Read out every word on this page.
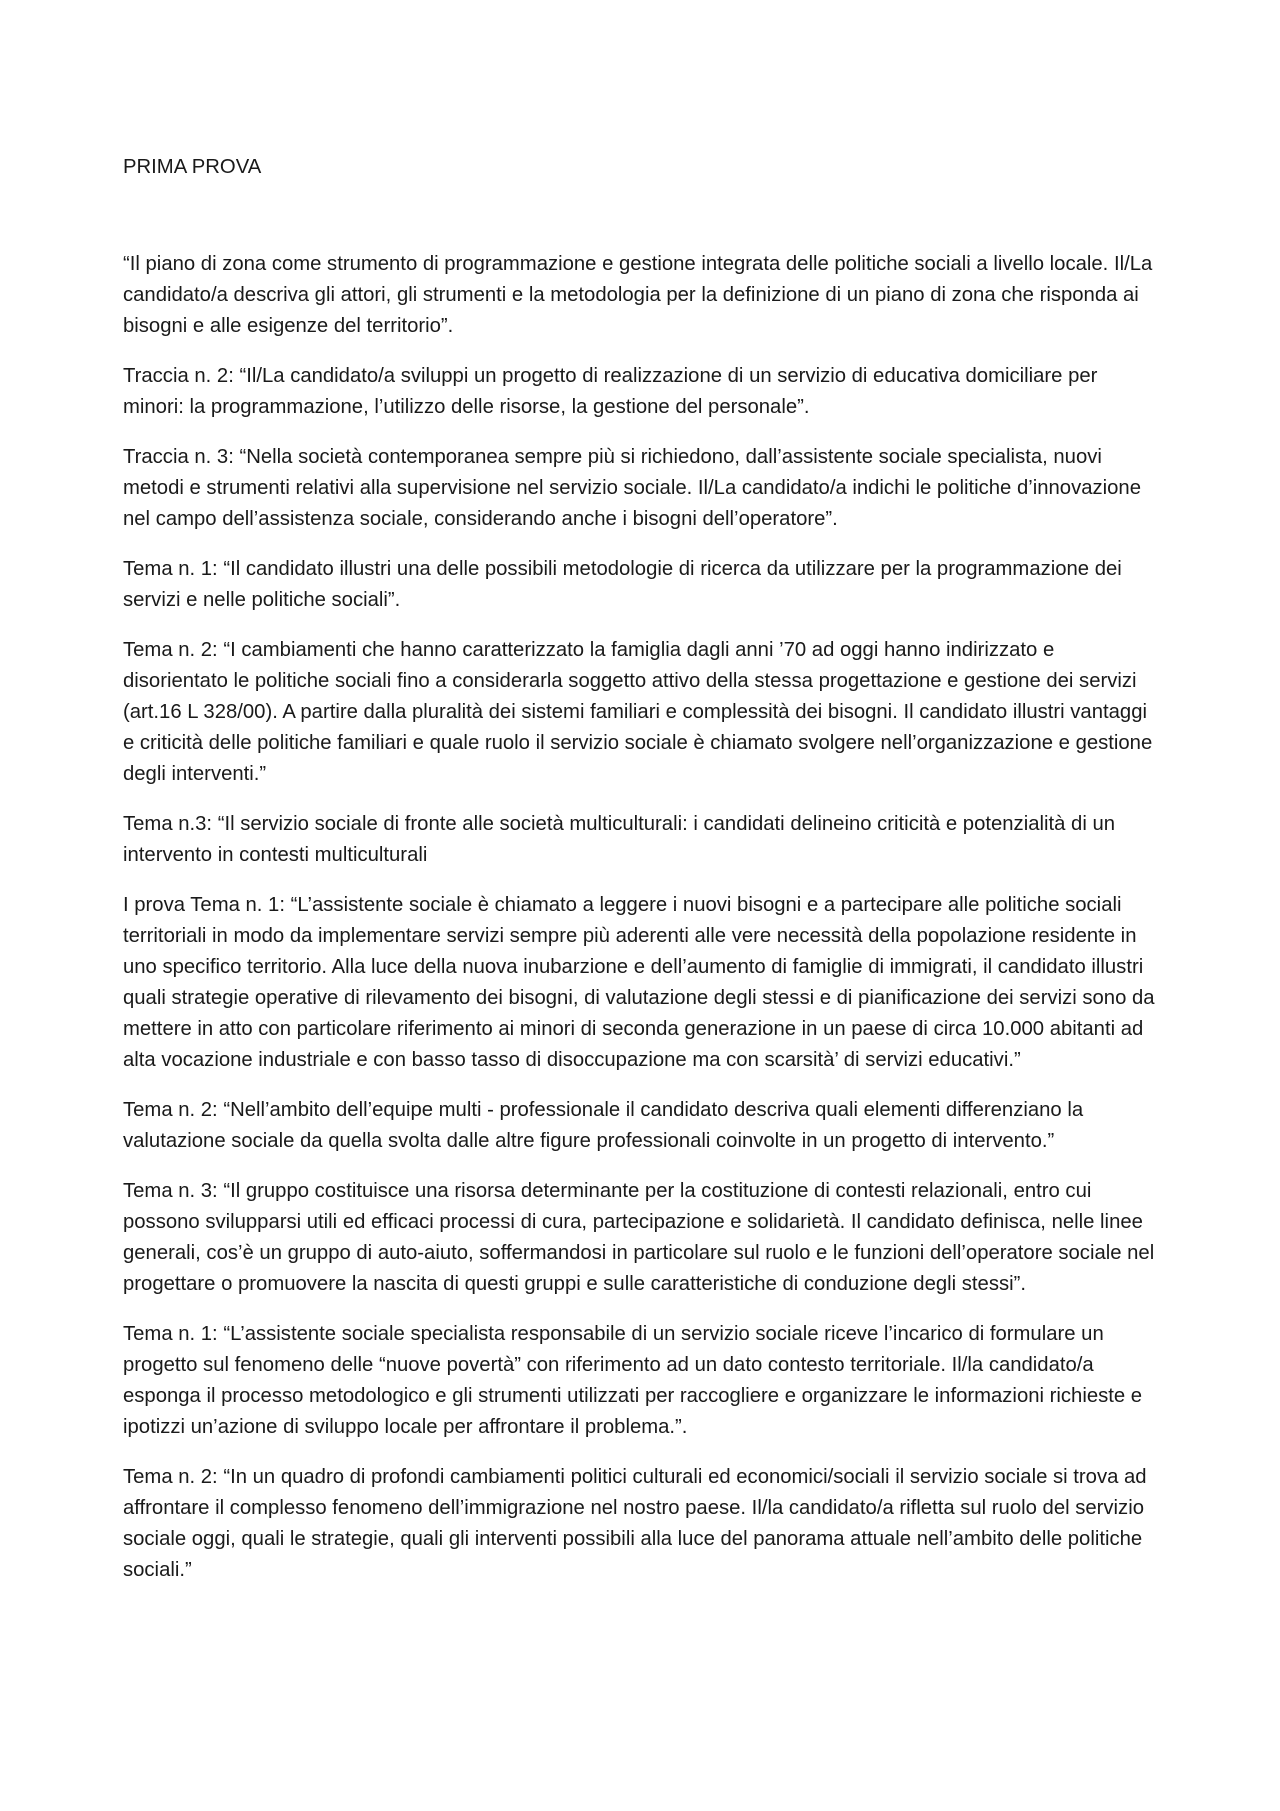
PRIMA PROVA

“Il piano di zona come strumento di programmazione e gestione integrata delle politiche sociali a livello locale. Il/La candidato/a descriva gli attori, gli strumenti e la metodologia per la definizione di un piano di zona che risponda ai bisogni e alle esigenze del territorio”.

Traccia n. 2: “Il/La candidato/a sviluppi un progetto di realizzazione di un servizio di educativa domiciliare per minori: la programmazione, l’utilizzo delle risorse, la gestione del personale”.

Traccia n. 3: “Nella società contemporanea sempre più si richiedono, dall’assistente sociale specialista, nuovi metodi e strumenti relativi alla supervisione nel servizio sociale. Il/La candidato/a indichi le politiche d’innovazione nel campo dell’assistenza sociale, considerando anche i bisogni dell’operatore”.

Tema n. 1: “Il candidato illustri una delle possibili metodologie di ricerca da utilizzare per la programmazione dei servizi e nelle politiche sociali”.

Tema n. 2: “I cambiamenti che hanno caratterizzato la famiglia dagli anni ’70 ad oggi hanno indirizzato e disorientato le politiche sociali fino a considerarla soggetto attivo della stessa progettazione e gestione dei servizi (art.16 L 328/00). A partire dalla pluralità dei sistemi familiari e complessità dei bisogni. Il candidato illustri vantaggi e criticità delle politiche familiari e quale ruolo il servizio sociale è chiamato svolgere nell’organizzazione e gestione degli interventi.”

Tema n.3: “Il servizio sociale di fronte alle società multiculturali: i candidati delineino criticità e potenzialità di un intervento in contesti multiculturali

I prova Tema n. 1: “L’assistente sociale è chiamato a leggere i nuovi bisogni e a partecipare alle politiche sociali territoriali in modo da implementare servizi sempre più aderenti alle vere necessità della popolazione residente in uno specifico territorio. Alla luce della nuova inubarzione e dell’aumento di famiglie di immigrati, il candidato illustri quali strategie operative di rilevamento dei bisogni, di valutazione degli stessi e di pianificazione dei servizi sono da mettere in atto con particolare riferimento ai minori di seconda generazione in un paese di circa 10.000 abitanti ad alta vocazione industriale e con basso tasso di disoccupazione ma con scarsità’ di servizi educativi.”

Tema n. 2: “Nell’ambito dell’equipe multi - professionale il candidato descriva quali elementi differenziano la valutazione sociale da quella svolta dalle altre figure professionali coinvolte in un progetto di intervento.”

Tema n. 3: “Il gruppo costituisce una risorsa determinante per la costituzione di contesti relazionali, entro cui possono svilupparsi utili ed efficaci processi di cura, partecipazione e solidarietà. Il candidato definisca, nelle linee generali, cos’è un gruppo di auto-aiuto, soffermandosi in particolare sul ruolo e le funzioni dell’operatore sociale nel progettare o promuovere la nascita di questi gruppi e sulle caratteristiche di conduzione degli stessi”.

Tema n. 1: “L’assistente sociale specialista responsabile di un servizio sociale riceve l’incarico di formulare un progetto sul fenomeno delle “nuove povertà” con riferimento ad un dato contesto territoriale. Il/la candidato/a esponga il processo metodologico e gli strumenti utilizzati per raccogliere e organizzare le informazioni richieste e ipotizzi un’azione di sviluppo locale per affrontare il problema.”.

Tema n. 2: “In un quadro di profondi cambiamenti politici culturali ed economici/sociali il servizio sociale si trova ad affrontare il complesso fenomeno dell’immigrazione nel nostro paese. Il/la candidato/a rifletta sul ruolo del servizio sociale oggi, quali le strategie, quali gli interventi possibili alla luce del panorama attuale nell’ambito delle politiche sociali.”
